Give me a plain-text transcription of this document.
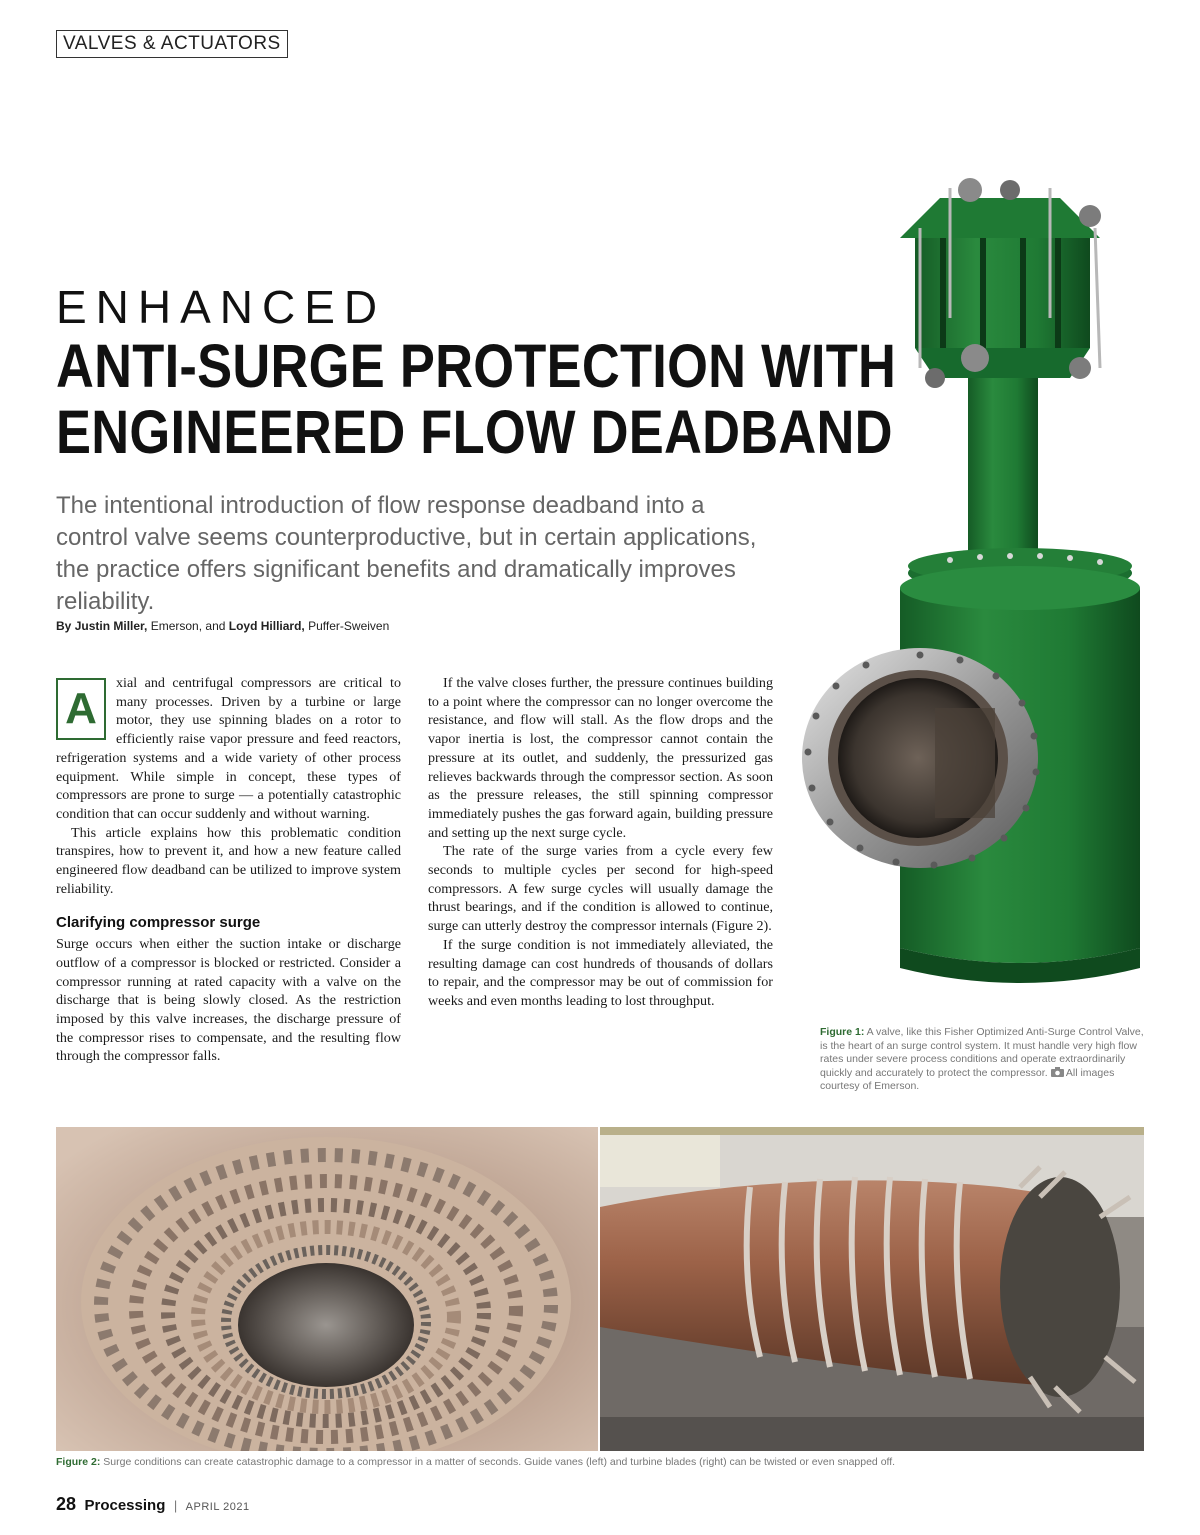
VALVES & ACTUATORS
ENHANCED
ANTI-SURGE PROTECTION WITH
ENGINEERED FLOW DEADBAND
The intentional introduction of flow response deadband into a control valve seems counterproductive, but in certain applications, the practice offers significant benefits and dramatically improves reliability.
By Justin Miller, Emerson, and Loyd Hilliard, Puffer-Sweiven

A
xial and centrifugal compressors are critical to many processes. Driven by a turbine or large motor, they use spinning blades on a rotor to efficiently raise vapor pressure and feed reactors, refrigeration systems and a wide variety of other process equipment. While simple in concept, these types of compressors are prone to surge — a potentially catastrophic condition that can occur suddenly and without warning.

This article explains how this problematic condition transpires, how to prevent it, and how a new feature called engineered flow deadband can be utilized to improve system reliability.

Clarifying compressor surge

Surge occurs when either the suction intake or discharge outflow of a compressor is blocked or restricted. Consider a compressor running at rated capacity with a valve on the discharge that is being slowly closed. As the restriction imposed by this valve increases, the discharge pressure of the compressor rises to compensate, and the resulting flow through the compressor falls.

If the valve closes further, the pressure continues building to a point where the compressor can no longer overcome the resistance, and flow will stall. As the flow drops and the vapor inertia is lost, the compressor cannot contain the pressure at its outlet, and suddenly, the pressurized gas relieves backwards through the compressor section. As soon as the pressure releases, the still spinning compressor immediately pushes the gas forward again, building pressure and setting up the next surge cycle.

The rate of the surge varies from a cycle every few seconds to multiple cycles per second for high-speed compressors. A few surge cycles will usually damage the thrust bearings, and if the condition is allowed to continue, surge can utterly destroy the compressor internals (Figure 2).

If the surge condition is not immediately alleviated, the resulting damage can cost hundreds of thousands of dollars to repair, and the compressor may be out of commission for weeks and even months leading to lost throughput.

Figure 1: A valve, like this Fisher Optimized Anti-Surge Control Valve, is the heart of an surge control system. It must handle very high flow rates under severe process conditions and operate extraordinarily quickly and accurately to protect the compressor.  All images courtesy of Emerson.
Figure 2: Surge conditions can create catastrophic damage to a compressor in a matter of seconds. Guide vanes (left) and turbine blades (right) can be twisted or even snapped off.
28 Processing | APRIL 2021
